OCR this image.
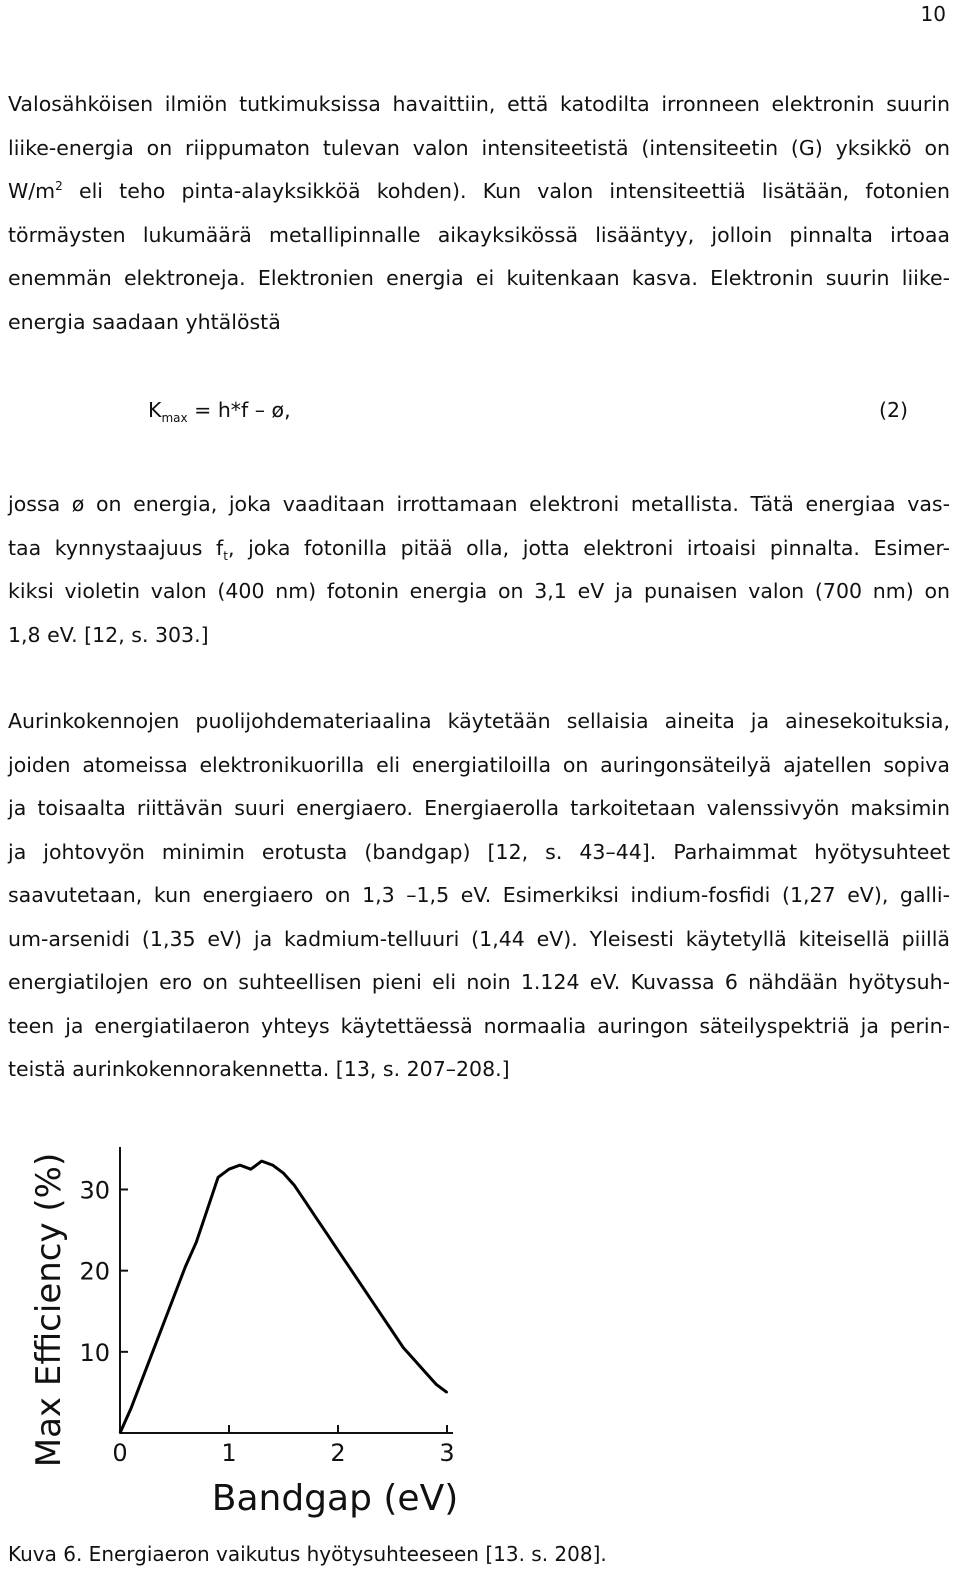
10

Valosähköisen ilmiön tutkimuksissa havaittiin, että katodilta irronneen elektronin suurin
liike-energia on riippumaton tulevan valon intensiteetistä (intensiteetin (G) yksikkö on
$W/m^2$ eli teho pinta-alayksikköä kohden). Kun valon intensiteettiä lisätään, fotonien
törmäysten lukumäärä metallipinnalle aikayksikössä lisääntyy, jolloin pinnalta irtoaa
enemmän elektroneja. Elektronien energia ei kuitenkaan kasva. Elektronin suurin liike-
energia saadaan yhtälöstä

$K_{max} = h*f$ – ø,	(2)

jossa ø on energia, joka vaaditaan irrottamaan elektroni metallista. Tätä energiaa vas-
taa kynnystaajuus $f_t$, joka fotonilla pitää olla, jotta elektroni irtoaisi pinnalta. Esimer-
kiksi violetin valon (400 nm) fotonin energia on 3,1 eV ja punaisen valon (700 nm) on
1,8 eV. [12, s. 303.]

Aurinkokennojen puolijohdemateriaalina käytetään sellaisia aineita ja ainesekoituksia,
joiden atomeissa elektronikuorilla eli energiatiloilla on auringonsäteilyä ajatellen sopiva
ja toisaalta riittävän suuri energiaero. Energiaerolla tarkoitetaan valenssivyön maksimin
ja johtovyön minimin erotusta (bandgap) [12, s. 43–44]. Parhaimmat hyötysuhteet
saavutetaan, kun energiaero on 1,3 –1,5 eV. Esimerkiksi indium-fosfidi (1,27 eV), galli-
um-arsenidi (1,35 eV) ja kadmium-telluuri (1,44 eV). Yleisesti käytetyllä kiteisellä piillä
energiatilojen ero on suhteellisen pieni eli noin 1.124 eV. Kuvassa 6 nähdään hyötysuh-
teen ja energiatilaeron yhteys käytettäessä normaalia auringon säteilyspektriä ja perin-
teistä aurinkokennorakennetta. [13, s. 207–208.]

0	1	2	3
10
20
30
Bandgap (eV)
Max Efficiency (%)
Kuva 6. Energiaeron vaikutus hyötysuhteeseen [13. s. 208].
